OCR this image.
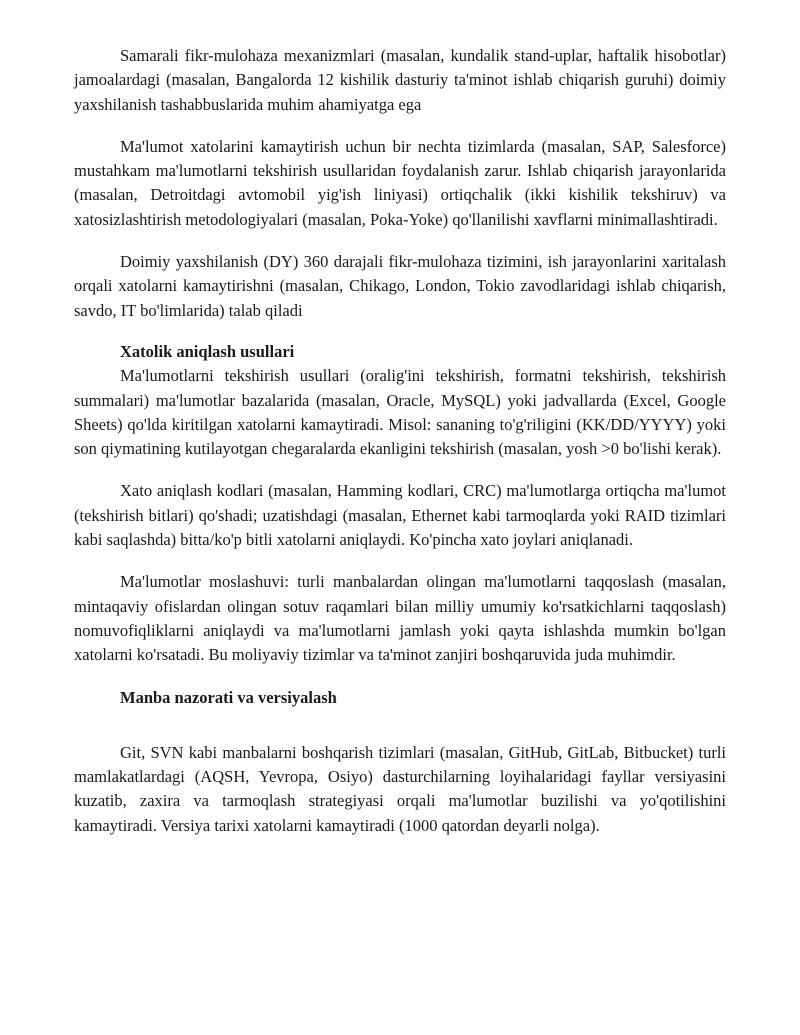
Samarali fikr-mulohaza mexanizmlari (masalan, kundalik stand-uplar, haftalik hisobotlar) jamoalardagi (masalan, Bangalorda 12 kishilik dasturiy ta'minot ishlab chiqarish guruhi) doimiy yaxshilanish tashabbuslarida muhim ahamiyatga ega

Ma'lumot xatolarini kamaytirish uchun bir nechta tizimlarda (masalan, SAP, Salesforce) mustahkam ma'lumotlarni tekshirish usullaridan foydalanish zarur. Ishlab chiqarish jarayonlarida (masalan, Detroitdagi avtomobil yig'ish liniyasi) ortiqchalik (ikki kishilik tekshiruv) va xatosizlashtirish metodologiyalari (masalan, Poka-Yoke) qo'llanilishi xavflarni minimallashtiradi.

Doimiy yaxshilanish (DY) 360 darajali fikr-mulohaza tizimini, ish jarayonlarini xaritalash orqali xatolarni kamaytirishni (masalan, Chikago, London, Tokio zavodlaridagi ishlab chiqarish, savdo, IT bo'limlarida) talab qiladi

Xatolik aniqlash usullari

Ma'lumotlarni tekshirish usullari (oralig'ini tekshirish, formatni tekshirish, tekshirish summalari) ma'lumotlar bazalarida (masalan, Oracle, MySQL) yoki jadvallarda (Excel, Google Sheets) qo'lda kiritilgan xatolarni kamaytiradi. Misol: sananing to'g'riligini (KK/DD/YYYY) yoki son qiymatining kutilayotgan chegaralarda ekanligini tekshirish (masalan, yosh >0 bo'lishi kerak).

Xato aniqlash kodlari (masalan, Hamming kodlari, CRC) ma'lumotlarga ortiqcha ma'lumot (tekshirish bitlari) qo'shadi; uzatishdagi (masalan, Ethernet kabi tarmoqlarda yoki RAID tizimlari kabi saqlashda) bitta/ko'p bitli xatolarni aniqlaydi. Ko'pincha xato joylari aniqlanadi.

Ma'lumotlar moslashuvi: turli manbalardan olingan ma'lumotlarni taqqoslash (masalan, mintaqaviy ofislardan olingan sotuv raqamlari bilan milliy umumiy ko'rsatkichlarni taqqoslash) nomuvofiqliklarni aniqlaydi va ma'lumotlarni jamlash yoki qayta ishlashda mumkin bo'lgan xatolarni ko'rsatadi. Bu moliyaviy tizimlar va ta'minot zanjiri boshqaruvida juda muhimdir.

Manba nazorati va versiyalash

Git, SVN kabi manbalarni boshqarish tizimlari (masalan, GitHub, GitLab, Bitbucket) turli mamlakatlardagi (AQSH, Yevropa, Osiyo) dasturchilarning loyihalaridagi fayllar versiyasini kuzatib, zaxira va tarmoqlash strategiyasi orqali ma'lumotlar buzilishi va yo'qotilishini kamaytiradi. Versiya tarixi xatolarni kamaytiradi (1000 qatordan deyarli nolga).
